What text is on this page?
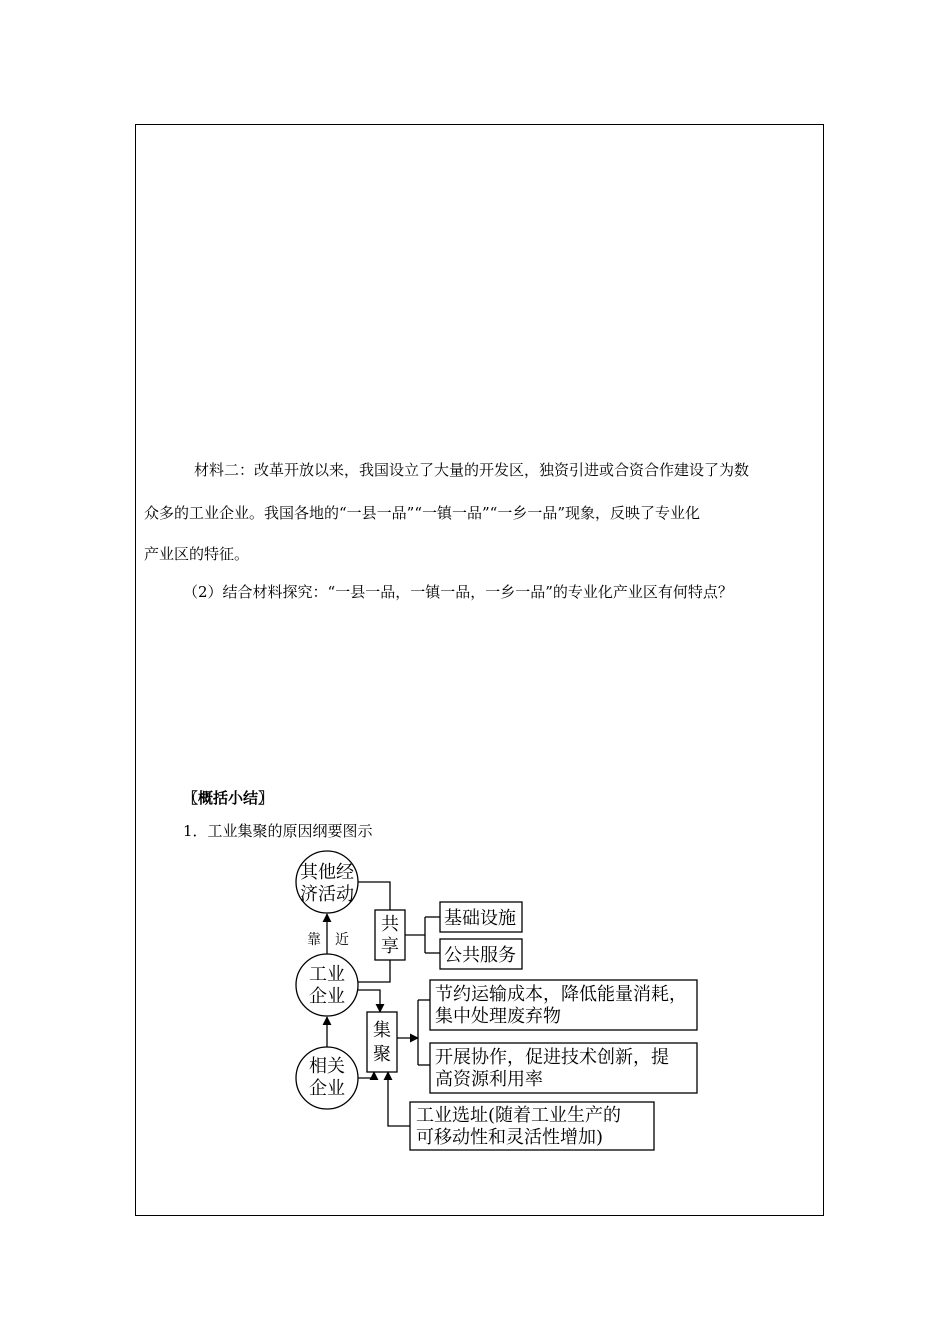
材料二：改革开放以来，我国设立了大量的开发区，独资引进或合资合作建设了为数
众多的工业企业。我国各地的“一县一品”“一镇一品”“一乡一品”现象，反映了专业化
产业区的特征。
（2）结合材料探究：“一县一品，一镇一品，一乡一品”的专业化产业区有何特点？
〖概括小结〗
1．工业集聚的原因纲要图示
其他经
济活动
工业
企业
相关
企业
靠 近
共
享
基础设施
公共服务
集
聚
节约运输成本，降低能量消耗，
集中处理废弃物
开展协作，促进技术创新，提
高资源利用率
工业选址(随着工业生产的
可移动性和灵活性增加)
